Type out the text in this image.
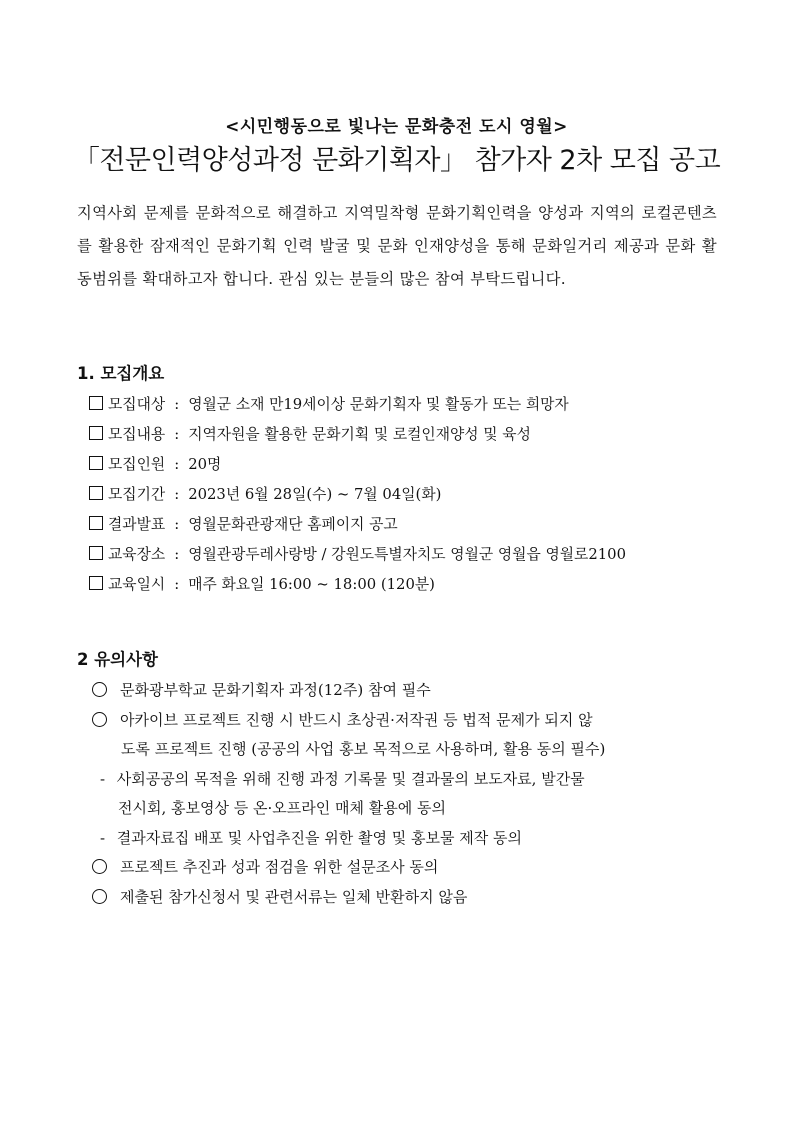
<시민행동으로 빛나는 문화충전 도시 영월>
「전문인력양성과정 문화기획자」 참가자 2차 모집 공고
지역사회 문제를 문화적으로 해결하고 지역밀착형 문화기획인력을 양성과 지역의 로컬콘텐츠를 활용한 잠재적인 문화기획 인력 발굴 및 문화 인재양성을 통해 문화일거리 제공과 문화 활동범위를 확대하고자 합니다. 관심 있는 분들의 많은 참여 부탁드립니다.
1. 모집개요
모집대상 : 영월군 소재 만19세이상 문화기획자 및 활동가 또는 희망자
모집내용 : 지역자원을 활용한 문화기획 및 로컬인재양성 및 육성
모집인원 : 20명
모집기간 : 2023년 6월 28일(수) ~ 7월 04일(화)
결과발표 : 영월문화관광재단 홈페이지 공고
교육장소 : 영월관광두레사랑방 / 강원도특별자치도 영월군 영월읍 영월로2100
교육일시 : 매주 화요일 16:00 ~ 18:00 (120분)
2 유의사항
문화광부학교 문화기획자 과정(12주) 참여 필수
아카이브 프로젝트 진행 시 반드시 초상권·저작권 등 법적 문제가 되지 않
도록 프로젝트 진행 (공공의 사업 홍보 목적으로 사용하며, 활용 동의 필수)
- 사회공공의 목적을 위해 진행 과정 기록물 및 결과물의 보도자료, 발간물
전시회, 홍보영상 등 온·오프라인 매체 활용에 동의
- 결과자료집 배포 및 사업추진을 위한 촬영 및 홍보물 제작 동의
프로젝트 추진과 성과 점검을 위한 설문조사 동의
제출된 참가신청서 및 관련서류는 일체 반환하지 않음
